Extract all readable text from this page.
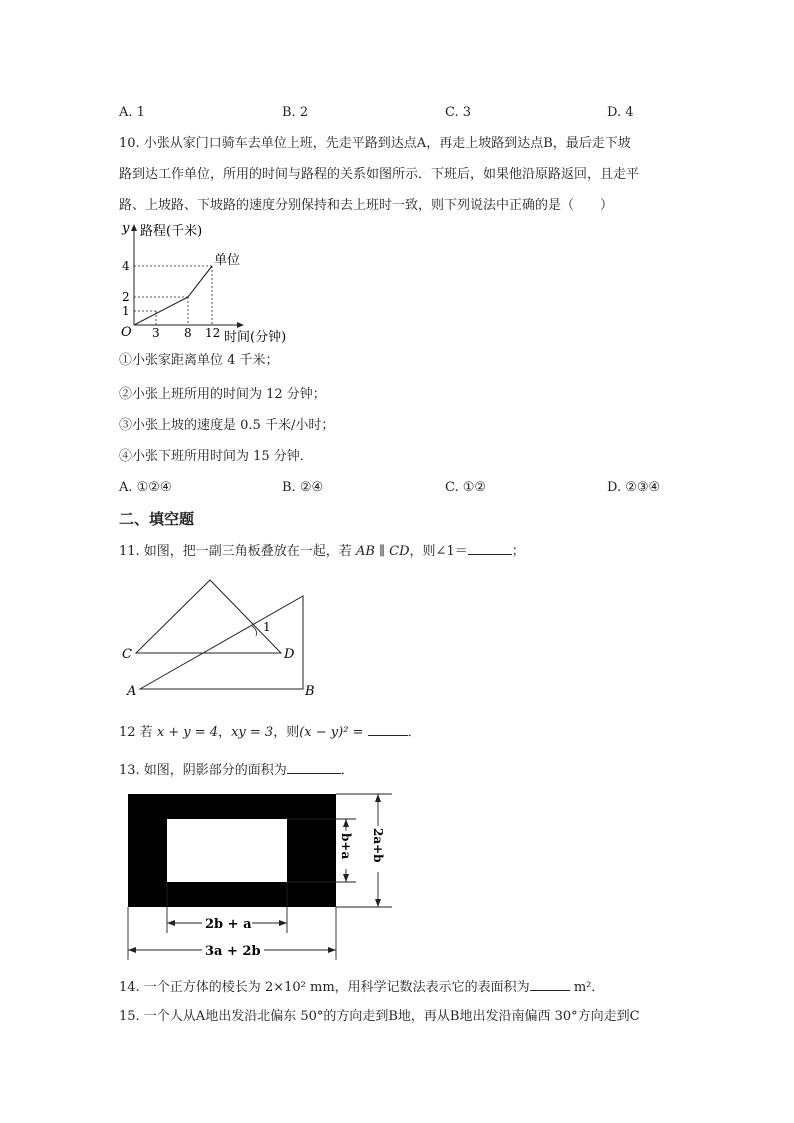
A. 1	B. 2	C. 3	D. 4
10. 小张从家门口骑车去单位上班，先走平路到达点A，再走上坡路到达点B，最后走下坡
路到达工作单位，所用的时间与路程的关系如图所示．下班后，如果他沿原路返回，且走平
路、上坡路、下坡路的速度分别保持和去上班时一致，则下列说法中正确的是（　　）
y 路程(千米)
4
2
1
O 3 8 12 时间(分钟)
单位
①小张家距离单位 4 千米；
②小张上班所用的时间为 12 分钟；
③小张上坡的速度是 0.5 千米/小时；
④小张下班所用时间为 15 分钟．
A. ①②④	B. ②④	C. ①②	D. ②③④
二、填空题
11. 如图，把一副三角板叠放在一起，若 AB ∥ CD，则∠1＝	；
C	D
A	B
1
12 若 x + y = 4，xy = 3，则(x − y)² =	．
13. 如图，阴影部分的面积为	．
2b + a
3a + 2b
b+a 2a+b
14. 一个正方体的棱长为 2×10² mm，用科学记数法表示它的表面积为	m²．
15. 一个人从A地出发沿北偏东 50°的方向走到B地，再从B地出发沿南偏西 30°方向走到C
